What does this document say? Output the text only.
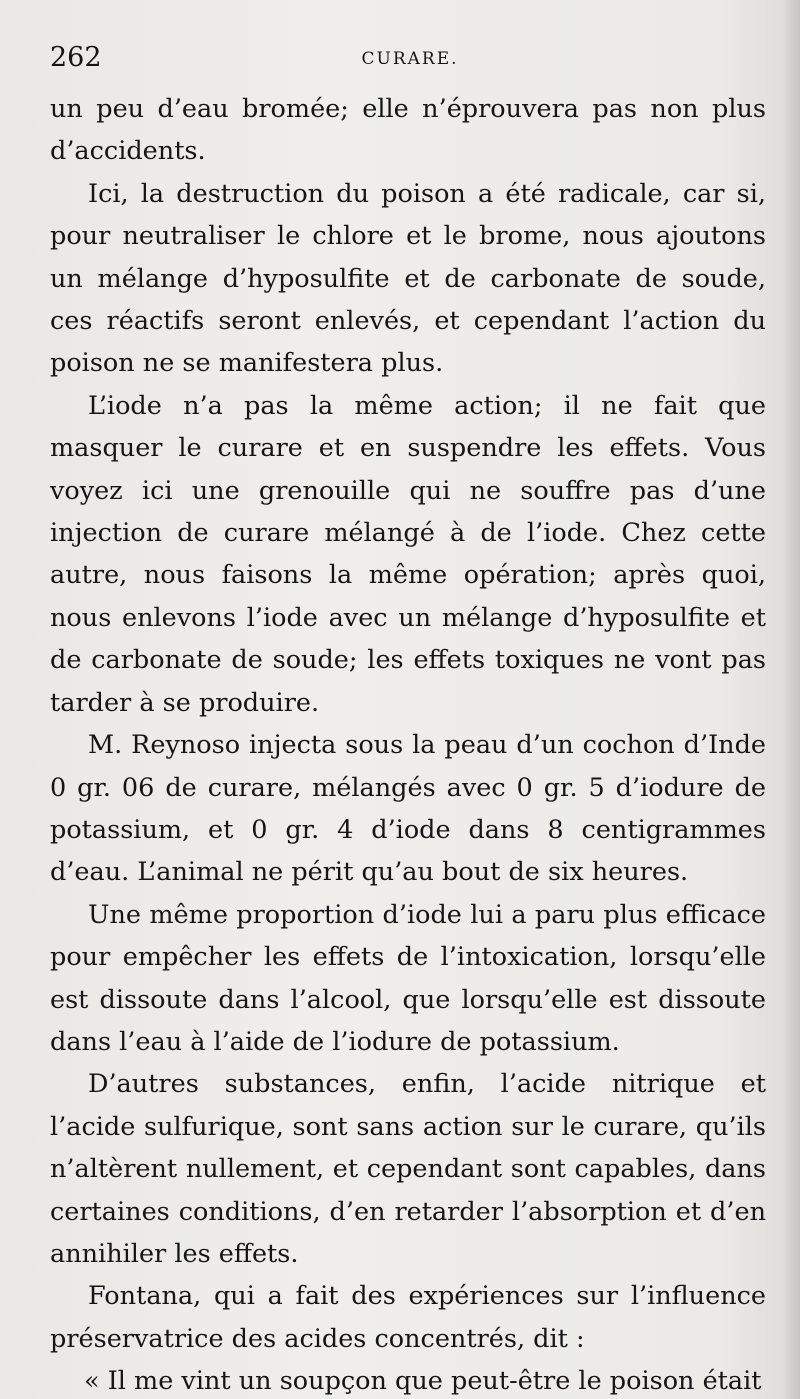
262	CURARE.

un peu d’eau bromée; elle n’éprouvera pas non plus d’accidents.

Ici, la destruction du poison a été radicale, car si, pour neutraliser le chlore et le brome, nous ajoutons un mélange d’hyposulfite et de carbonate de soude, ces réactifs seront enlevés, et cependant l’action du poison ne se manifestera plus.

L’iode n’a pas la même action; il ne fait que masquer le curare et en suspendre les effets. Vous voyez ici une grenouille qui ne souffre pas d’une injection de curare mélangé à de l’iode. Chez cette autre, nous faisons la même opération; après quoi, nous enlevons l’iode avec un mélange d’hyposulfite et de carbonate de soude; les effets toxiques ne vont pas tarder à se produire.

M. Reynoso injecta sous la peau d’un cochon d’Inde 0 gr. 06 de curare, mélangés avec 0 gr. 5 d’iodure de potassium, et 0 gr. 4 d’iode dans 8 centigrammes d’eau. L’animal ne périt qu’au bout de six heures.

Une même proportion d’iode lui a paru plus efficace pour empêcher les effets de l’intoxication, lorsqu’elle est dissoute dans l’alcool, que lorsqu’elle est dissoute dans l’eau à l’aide de l’iodure de potassium.

D’autres substances, enfin, l’acide nitrique et l’acide sulfurique, sont sans action sur le curare, qu’ils n’altèrent nullement, et cependant sont capables, dans certaines conditions, d’en retarder l’absorption et d’en annihiler les effets.

Fontana, qui a fait des expériences sur l’influence préservatrice des acides concentrés, dit :

« Il me vint un soupçon que peut-être le poison était
